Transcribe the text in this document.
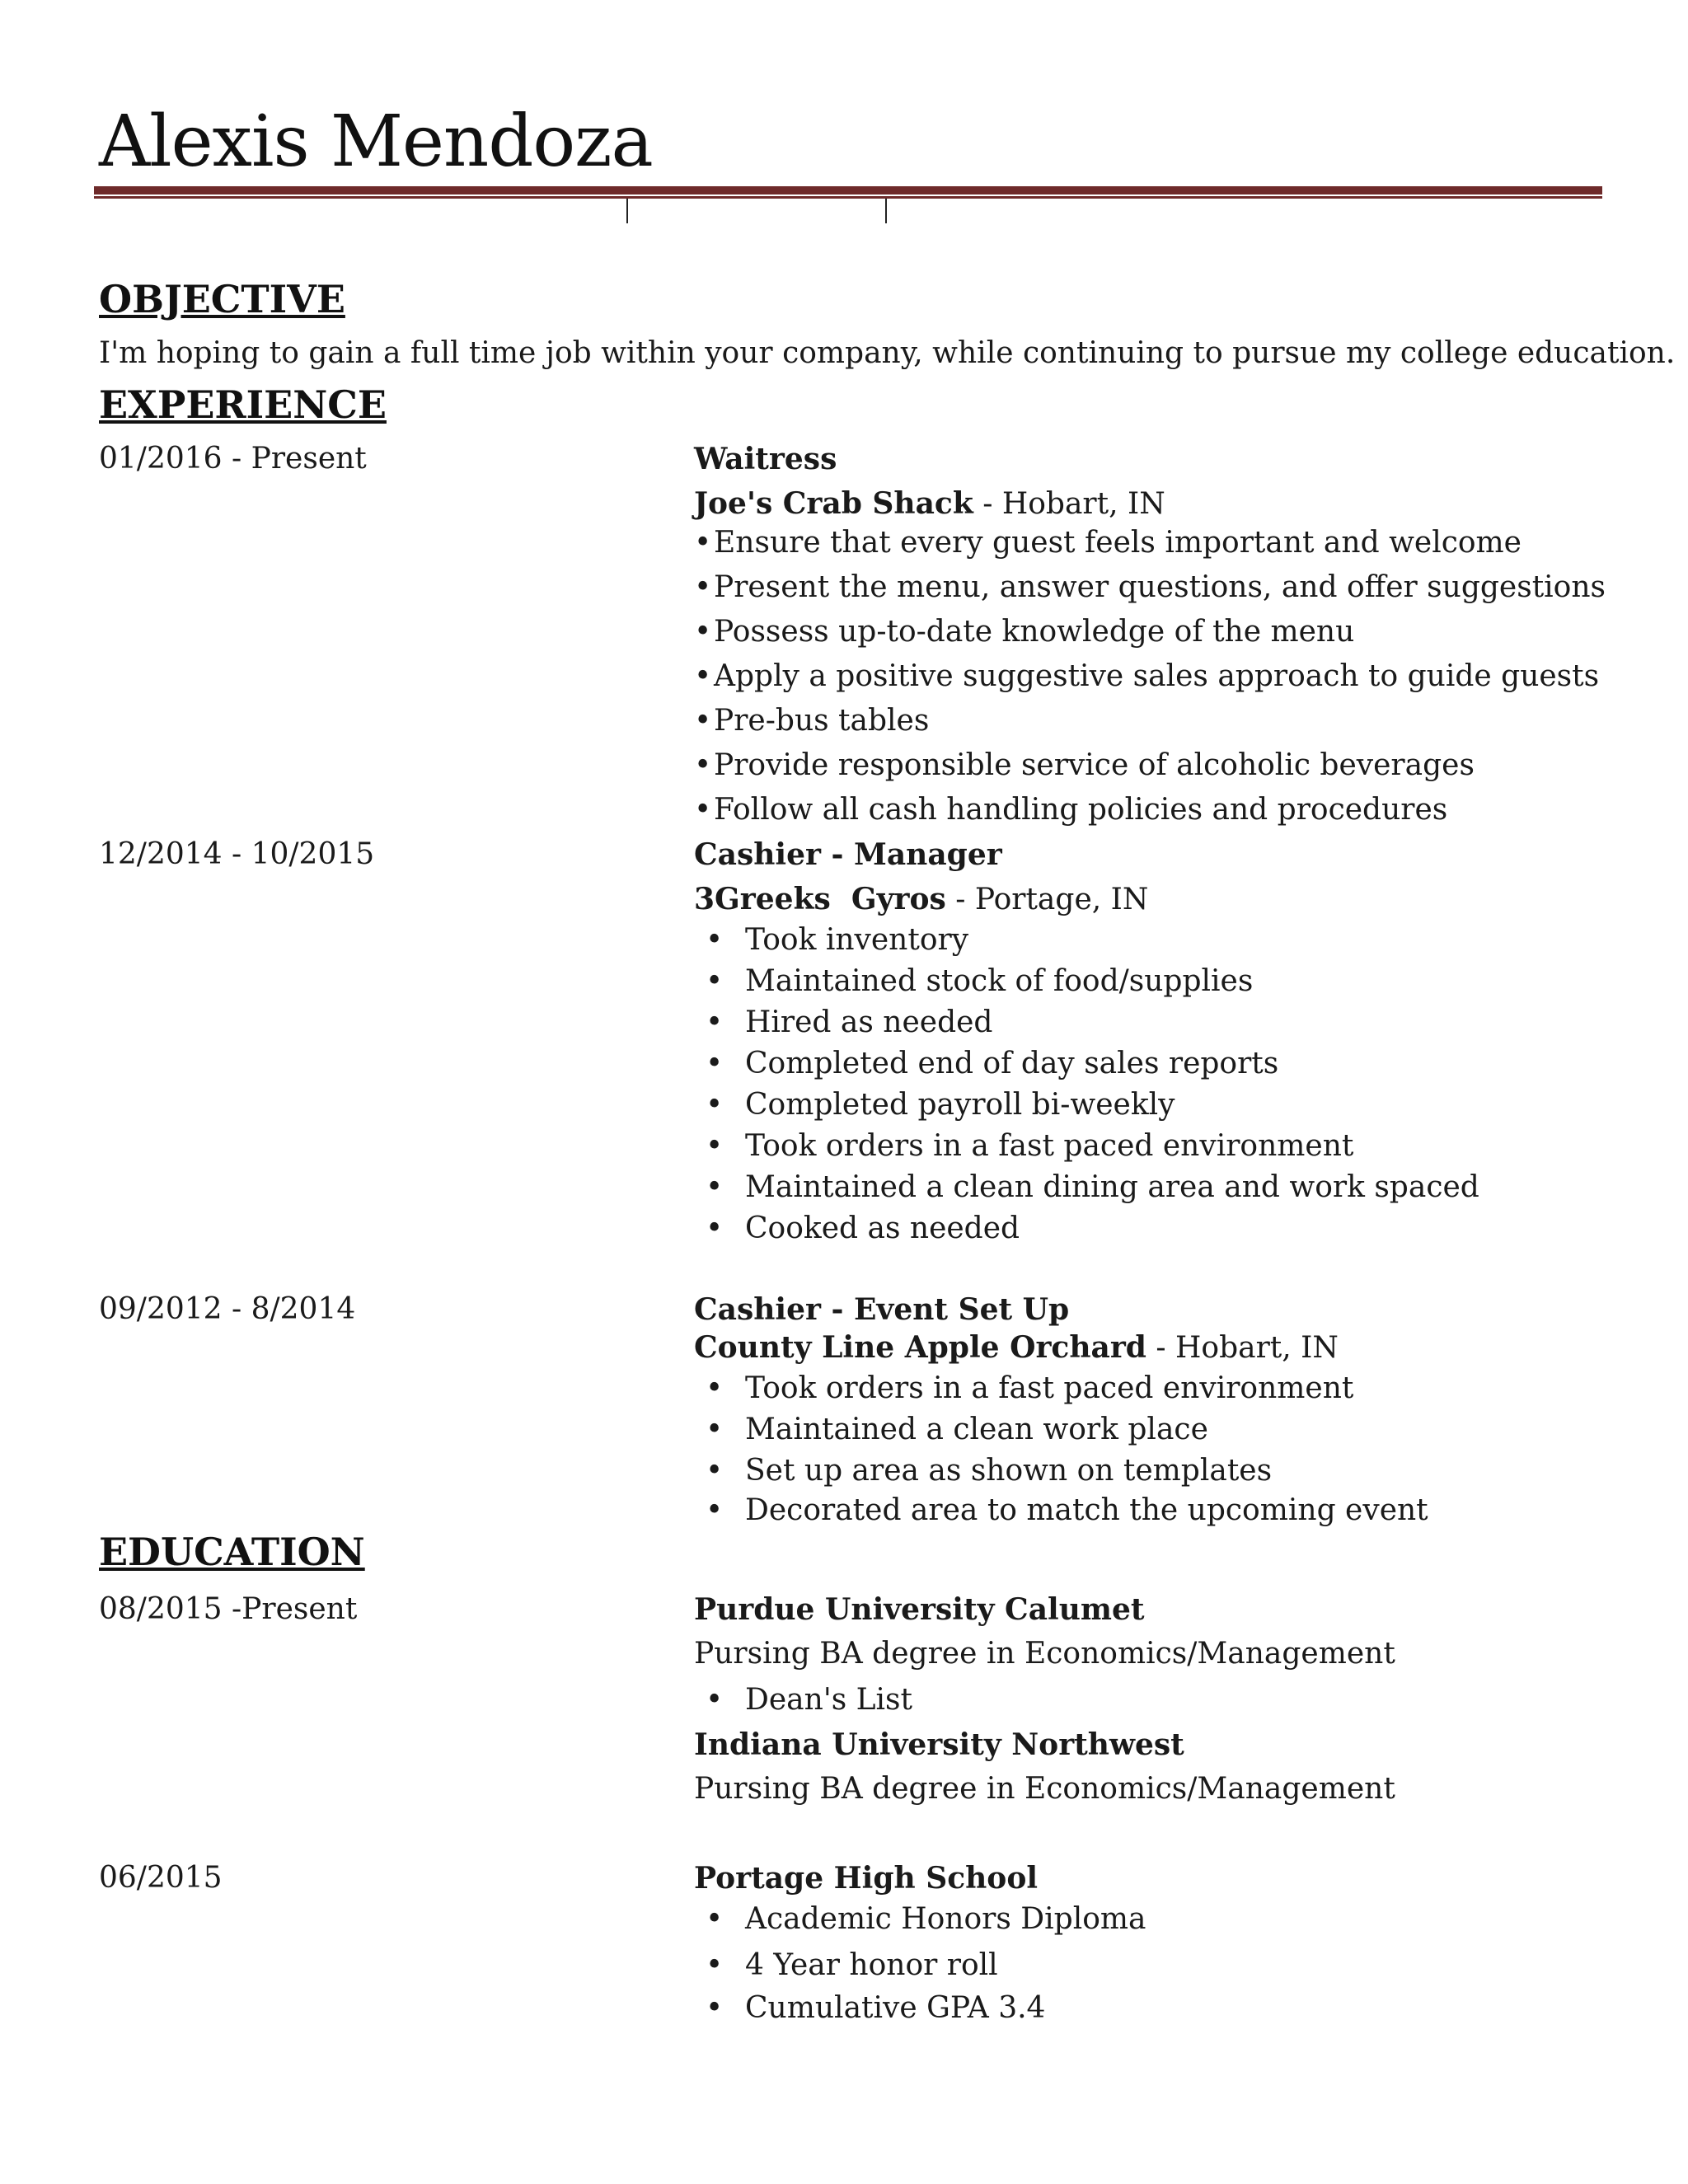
Alexis Mendoza
OBJECTIVE
I'm hoping to gain a full time job within your company, while continuing to pursue my college education.
EXPERIENCE
01/2016 - Present	Waitress
Joe's Crab Shack - Hobart, IN
• Ensure that every guest feels important and welcome
• Present the menu, answer questions, and offer suggestions
• Possess up-to-date knowledge of the menu
• Apply a positive suggestive sales approach to guide guests
• Pre-bus tables
• Provide responsible service of alcoholic beverages
• Follow all cash handling policies and procedures
12/2014 - 10/2015	Cashier - Manager
3Greeks  Gyros - Portage, IN
• Took inventory
• Maintained stock of food/supplies
• Hired as needed
• Completed end of day sales reports
• Completed payroll bi-weekly
• Took orders in a fast paced environment
• Maintained a clean dining area and work spaced
• Cooked as needed
09/2012 - 8/2014	Cashier - Event Set Up
County Line Apple Orchard - Hobart, IN
• Took orders in a fast paced environment
• Maintained a clean work place
• Set up area as shown on templates
• Decorated area to match the upcoming event
EDUCATION
08/2015 -Present	Purdue University Calumet
Pursing BA degree in Economics/Management
• Dean's List
Indiana University Northwest
Pursing BA degree in Economics/Management
06/2015	Portage High School
• Academic Honors Diploma
• 4 Year honor roll
• Cumulative GPA 3.4
